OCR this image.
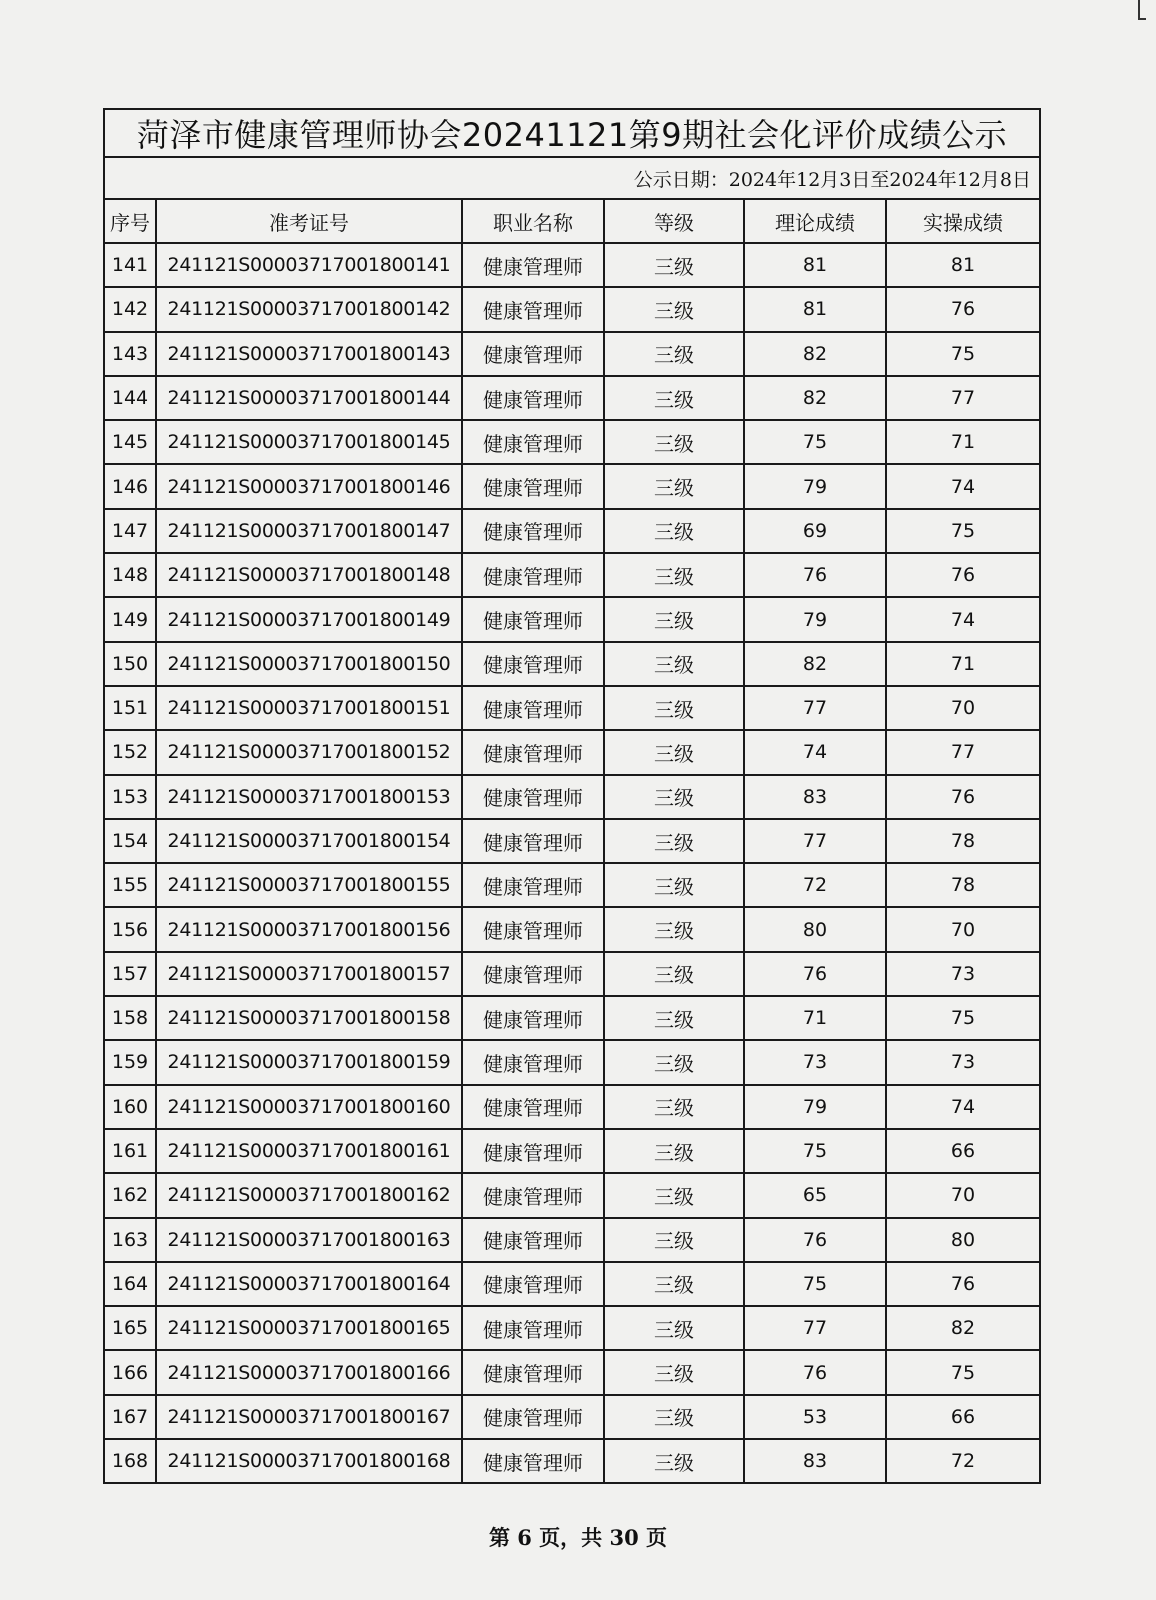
菏泽市健康管理师协会20241121第9期社会化评价成绩公示					
公示日期：2024年12月3日至2024年12月8日					
序号	准考证号	职业名称	等级	理论成绩	实操成绩
141	241121S00003717001800141	健康管理师	三级	81	81
142	241121S00003717001800142	健康管理师	三级	81	76
143	241121S00003717001800143	健康管理师	三级	82	75
144	241121S00003717001800144	健康管理师	三级	82	77
145	241121S00003717001800145	健康管理师	三级	75	71
146	241121S00003717001800146	健康管理师	三级	79	74
147	241121S00003717001800147	健康管理师	三级	69	75
148	241121S00003717001800148	健康管理师	三级	76	76
149	241121S00003717001800149	健康管理师	三级	79	74
150	241121S00003717001800150	健康管理师	三级	82	71
151	241121S00003717001800151	健康管理师	三级	77	70
152	241121S00003717001800152	健康管理师	三级	74	77
153	241121S00003717001800153	健康管理师	三级	83	76
154	241121S00003717001800154	健康管理师	三级	77	78
155	241121S00003717001800155	健康管理师	三级	72	78
156	241121S00003717001800156	健康管理师	三级	80	70
157	241121S00003717001800157	健康管理师	三级	76	73
158	241121S00003717001800158	健康管理师	三级	71	75
159	241121S00003717001800159	健康管理师	三级	73	73
160	241121S00003717001800160	健康管理师	三级	79	74
161	241121S00003717001800161	健康管理师	三级	75	66
162	241121S00003717001800162	健康管理师	三级	65	70
163	241121S00003717001800163	健康管理师	三级	76	80
164	241121S00003717001800164	健康管理师	三级	75	76
165	241121S00003717001800165	健康管理师	三级	77	82
166	241121S00003717001800166	健康管理师	三级	76	75
167	241121S00003717001800167	健康管理师	三级	53	66
168	241121S00003717001800168	健康管理师	三级	83	72
第 6 页，共 30 页
